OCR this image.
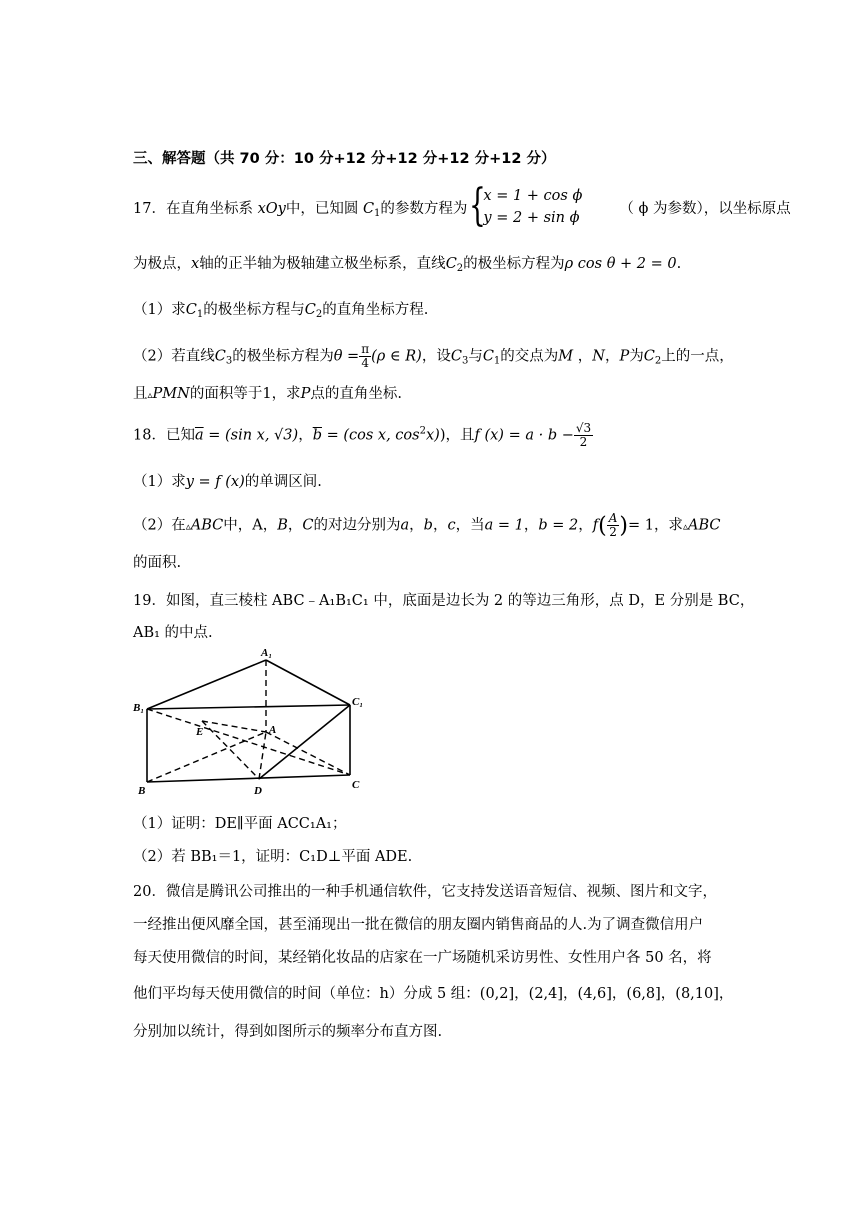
三、解答题（共 70 分：10 分+12 分+12 分+12 分+12 分）
17．在直角坐标系 xOy中，已知圆 $C_1$的参数方程为 {
x = 1 + cos ϕ
y = 2 + sin ϕ
（ ϕ 为参数），以坐标原点
为极点，x轴的正半轴为极轴建立极坐标系，直线$C_2$的极坐标方程为ρ cos θ + 2 = 0.
（1）求$C_1$的极坐标方程与$C_2$的直角坐标方程.
（2）若直线$C_3$的极坐标方程为$\theta = \frac{\pi}{4} (\rho$ ∈ R)，设$C_3$与$C_1$的交点为M ，N，P为$C_2$上的一点，
且▵PMN的面积等于1，求P点的直角坐标.
18．已知$\overline{a} = (\sin$ x, √3)，$\overline{b} = (\cos$ x, $\cos^2x$))，且f $(x) = a \cdot b - \frac{√3}{2}$
（1）求y = f (x)的单调区间.
（2）在▵ABC中，A，B，C的对边分别为a，b，c，当a = 1，b = 2，$f( \frac{A}{2}$ )= 1，求▵ABC
的面积.
19．如图，直三棱柱 ABC﹣A₁B₁C₁ 中，底面是边长为 2 的等边三角形，点 D，E 分别是 BC，
AB₁ 的中点.
A₁
B₁	C₁
A
E
B	C
D
（1）证明：DE∥平面 ACC₁A₁；
（2）若 BB₁＝1，证明：C₁D⊥平面 ADE.
20．微信是腾讯公司推出的一种手机通信软件，它支持发送语音短信、视频、图片和文字，
一经推出便风靡全国，甚至涌现出一批在微信的朋友圈内销售商品的人.为了调查微信用户
每天使用微信的时间，某经销化妆品的店家在一广场随机采访男性、女性用户各 50 名，将
他们平均每天使用微信的时间（单位：h）分成 5 组：(0,2]，(2,4]，(4,6]，(6,8]，(8,10]，
分别加以统计，得到如图所示的频率分布直方图.
